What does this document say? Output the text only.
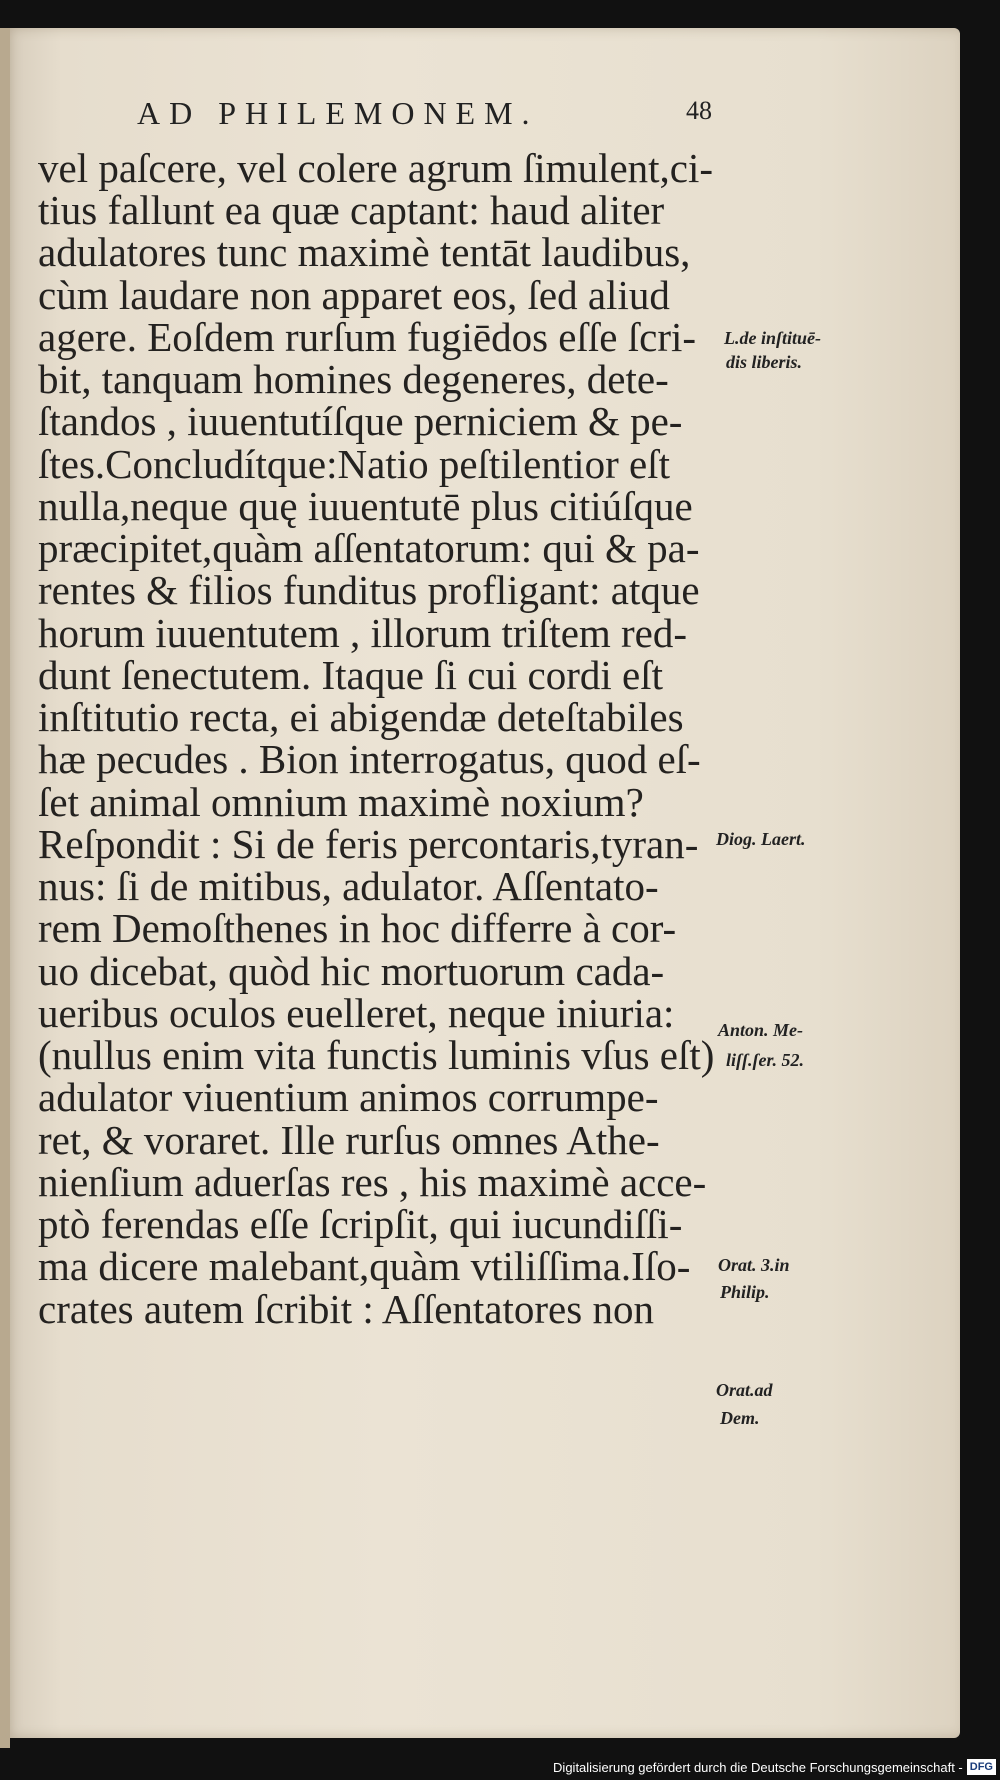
AD PHILEMONEM.	48
vel paſcere, vel colere agrum ſimulent,ci-
tius fallunt ea quæ captant: haud aliter
adulatores tunc maximè tentāt laudibus,
cùm laudare non apparet eos, ſed aliud
agere. Eoſdem rurſum fugiēdos eſſe ſcri-
bit, tanquam homines degeneres, dete-
ſtandos , iuuentutíſque perniciem & pe-
ſtes.Concludítque:Natio peſtilentior eſt
nulla,neque quę iuuentutē plus citiúſque
præcipitet,quàm aſſentatorum: qui & pa-
rentes & filios funditus profligant: atque
horum iuuentutem , illorum triſtem red-
dunt ſenectutem. Itaque ſi cui cordi eſt
inſtitutio recta, ei abigendæ deteſtabiles
hæ pecudes . Bion interrogatus, quod eſ-
ſet animal omnium maximè noxium?
Reſpondit : Si de feris percontaris,tyran-
nus: ſi de mitibus, adulator. Aſſentato-
rem Demoſthenes in hoc differre à cor-
uo dicebat, quòd hic mortuorum cada-
ueribus oculos euelleret, neque iniuria:
(nullus enim vita functis luminis vſus eſt)
adulator viuentium animos corrumpe-
ret, & voraret. Ille rurſus omnes Athe-
nienſium aduerſas res , his maximè acce-
ptò ferendas eſſe ſcripſit, qui iucundiſſi-
ma dicere malebant,quàm vtiliſſima.Iſo-
crates autem ſcribit : Aſſentatores non
L.de inſtituē-
dis liberis.
Diog. Laert.
Anton. Me-
liſſ.ſer. 52.
Orat. 3.in
Philip.
Orat.ad
Dem.
Digitalisierung gefördert durch die Deutsche Forschungsgemeinschaft - DFG
